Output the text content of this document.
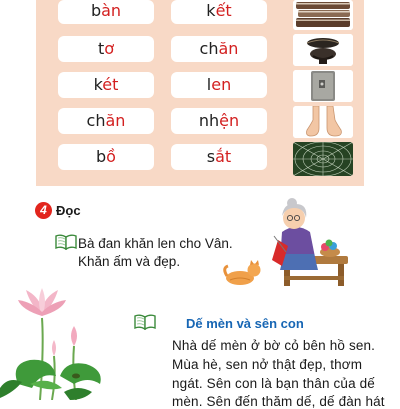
bàn
tơ
két
chăn
bồ
kết
chăn
len
nhện
sắt
4 Đọc
Bà đan khăn len cho Vân.
Khăn ấm và đẹp.
Dế mèn và sên con
Nhà dế mèn ở bờ cỏ bên hồ sen.
Mùa hè, sen nở thật đẹp, thơm
ngát. Sên con là bạn thân của dế
mèn. Sên đến thăm dế, dế đàn hát
